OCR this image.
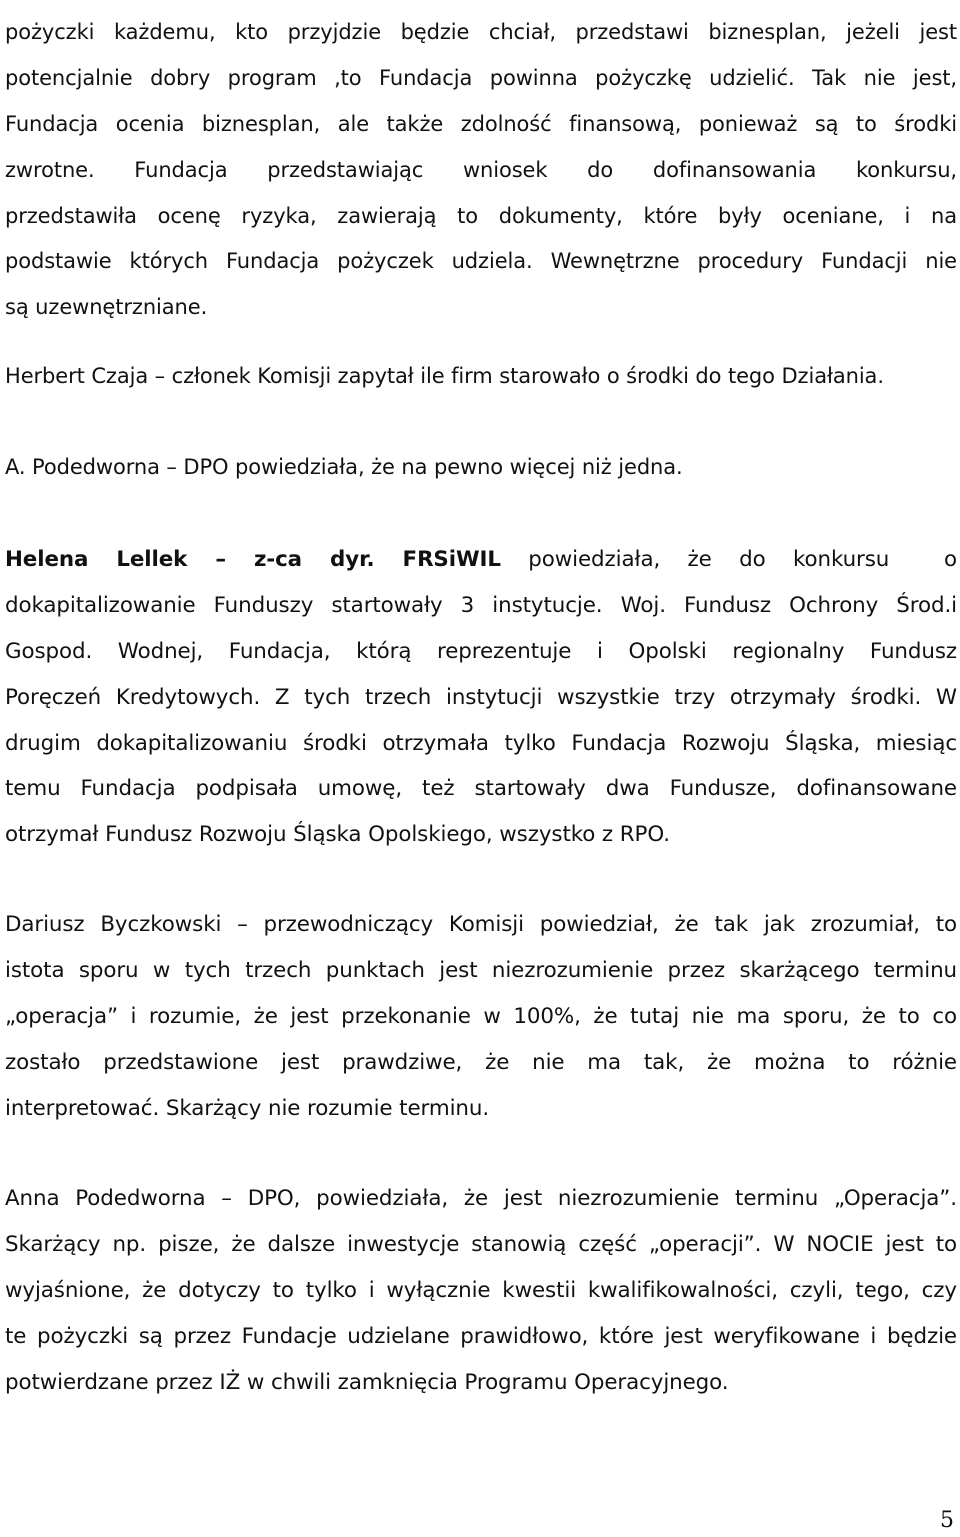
pożyczki każdemu, kto przyjdzie będzie chciał, przedstawi biznesplan, jeżeli jest
potencjalnie dobry program ,to Fundacja powinna pożyczkę udzielić. Tak nie jest,
Fundacja ocenia biznesplan, ale także zdolność finansową, ponieważ są to środki
zwrotne. Fundacja przedstawiając wniosek do dofinansowania konkursu,
przedstawiła ocenę ryzyka, zawierają to dokumenty, które były oceniane, i na
podstawie których Fundacja pożyczek udziela. Wewnętrzne procedury Fundacji nie
są uzewnętrzniane.
Herbert Czaja – członek Komisji zapytał ile firm starowało o środki do tego Działania.
A. Podedworna – DPO powiedziała, że na pewno więcej niż jedna.
Helena Lellek – z-ca dyr. FRSiWIL powiedziała, że do konkursu  o
dokapitalizowanie Funduszy startowały 3 instytucje. Woj. Fundusz Ochrony Środ.i
Gospod. Wodnej, Fundacja, którą reprezentuje i Opolski regionalny Fundusz
Poręczeń Kredytowych. Z tych trzech instytucji wszystkie trzy otrzymały środki. W
drugim dokapitalizowaniu środki otrzymała tylko Fundacja Rozwoju Śląska, miesiąc
temu Fundacja podpisała umowę, też startowały dwa Fundusze, dofinansowane
otrzymał Fundusz Rozwoju Śląska Opolskiego, wszystko z RPO.
Dariusz Byczkowski – przewodniczący Komisji powiedział, że tak jak zrozumiał, to
istota sporu w tych trzech punktach jest niezrozumienie przez skarżącego terminu
„operacja” i rozumie, że jest przekonanie w 100%, że tutaj nie ma sporu, że to co
zostało przedstawione jest prawdziwe, że nie ma tak, że można to różnie
interpretować. Skarżący nie rozumie terminu.
Anna Podedworna – DPO, powiedziała, że jest niezrozumienie terminu „Operacja”.
Skarżący np. pisze, że dalsze inwestycje stanowią część „operacji”. W NOCIE jest to
wyjaśnione, że dotyczy to tylko i wyłącznie kwestii kwalifikowalności, czyli, tego, czy
te pożyczki są przez Fundacje udzielane prawidłowo, które jest weryfikowane i będzie
potwierdzane przez IŻ w chwili zamknięcia Programu Operacyjnego.
5
